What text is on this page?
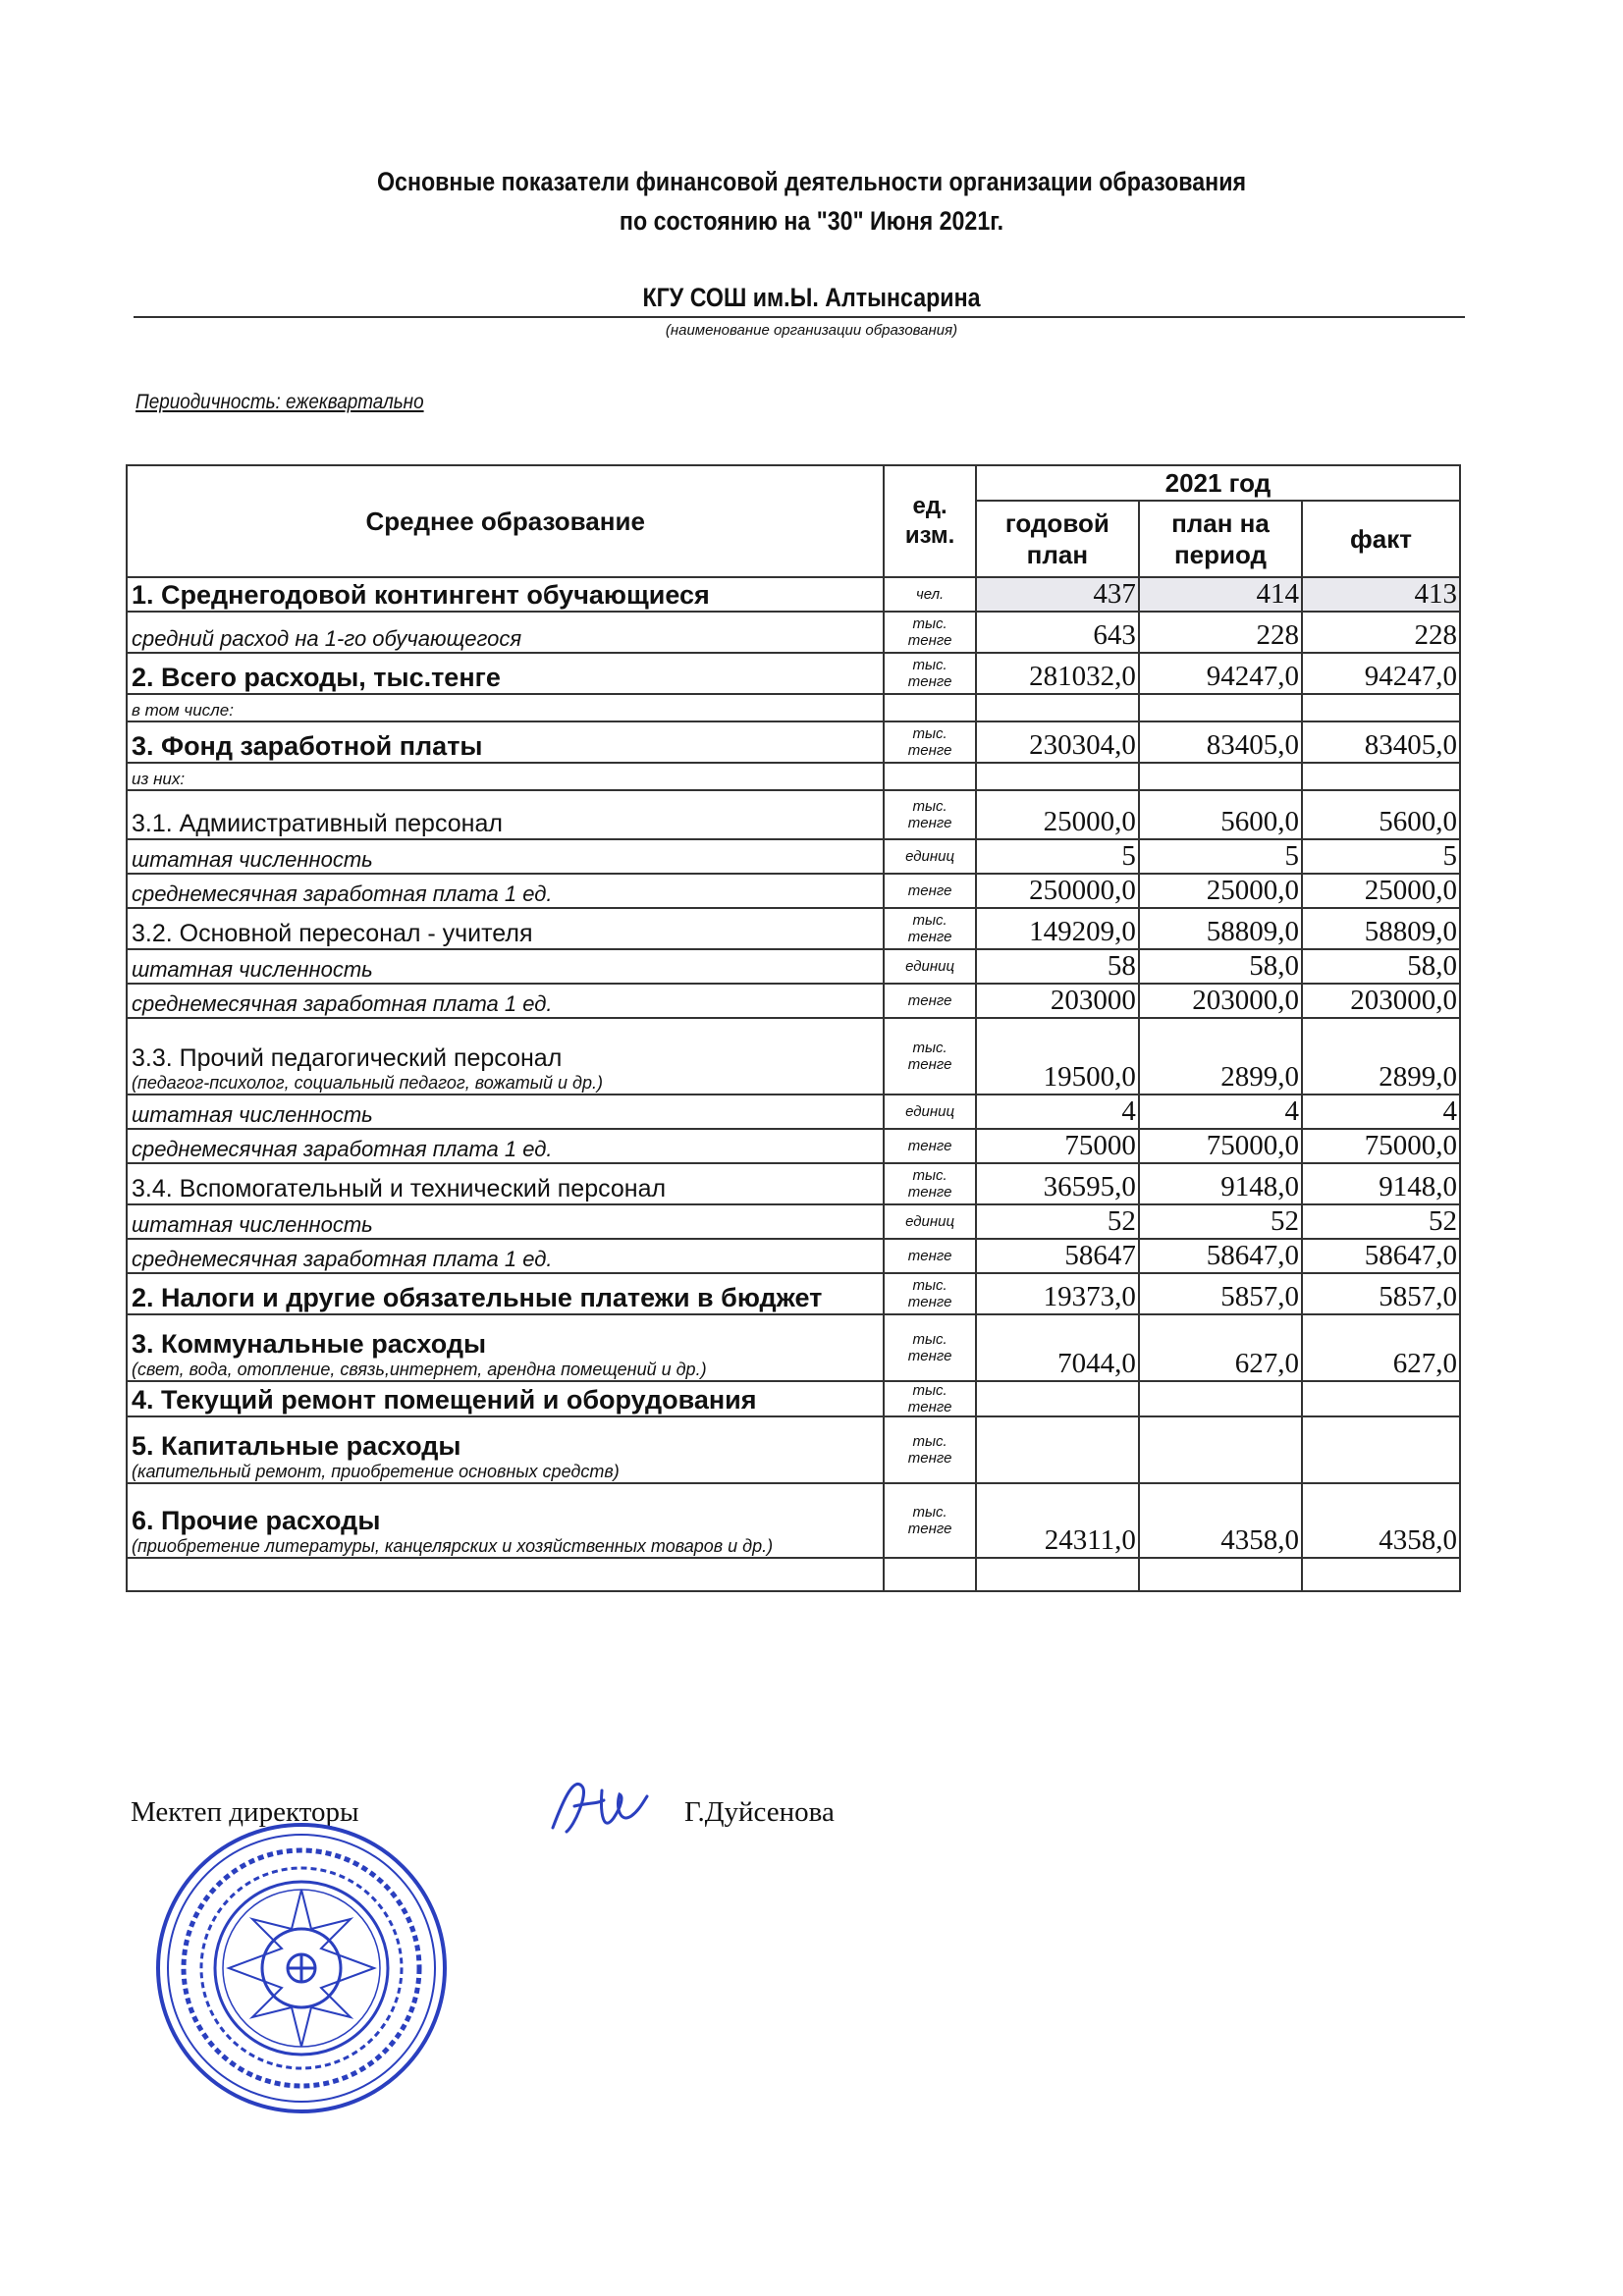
Основные показатели финансовой деятельности организации образования
по состоянию на "30" Июня 2021г.
КГУ СОШ им.Ы. Алтынсарина
(наименование организации образования)
Периодичность: ежеквартально
Среднее образование	ед. изм.	2021 год		
		годовой план	план на период	факт

1. Среднегодовой контингент обучающиеся	чел.	437	414	413

средний расход на 1-го обучающегося	тыс. тенге	643	228	228

2. Всего расходы, тыс.тенге	тыс. тенге	281032,0	94247,0	94247,0

в том числе:				

3. Фонд заработной платы	тыс. тенге	230304,0	83405,0	83405,0

из них:				

3.1. Адмиистративный персонал	тыс. тенге	25000,0	5600,0	5600,0

штатная численность	единиц	5	5	5

среднемесячная заработная плата 1 ед.	тенге	250000,0	25000,0	25000,0

3.2. Основной пересонал - учителя	тыс. тенге	149209,0	58809,0	58809,0

штатная численность	единиц	58	58,0	58,0

среднемесячная заработная плата 1 ед.	тенге	203000	203000,0	203000,0

3.3. Прочий педагогический персонал
(педагог-психолог, социальный педагог, вожатый и др.)	тыс. тенге	19500,0	2899,0	2899,0

штатная численность	единиц	4	4	4

среднемесячная заработная плата 1 ед.	тенге	75000	75000,0	75000,0

3.4. Вспомогательный и технический персонал	тыс. тенге	36595,0	9148,0	9148,0

штатная численность	единиц	52	52	52

среднемесячная заработная плата 1 ед.	тенге	58647	58647,0	58647,0

2. Налоги и другие обязательные платежи в бюджет	тыс. тенге	19373,0	5857,0	5857,0

3. Коммунальные расходы
(свет, вода, отопление, связь,интернет, арендна помещений и др.)	тыс. тенге	7044,0	627,0	627,0

4. Текущий ремонт помещений и оборудования	тыс. тенге			

5. Капитальные расходы
(капительный ремонт, приобретение основных средств)	тыс. тенге			

6. Прочие расходы
(приобретение литературы, канцелярских и хозяйственных товаров и др.)	тыс. тенге	24311,0	4358,0	4358,0

Мектеп директоры	Г.Дуйсенова
